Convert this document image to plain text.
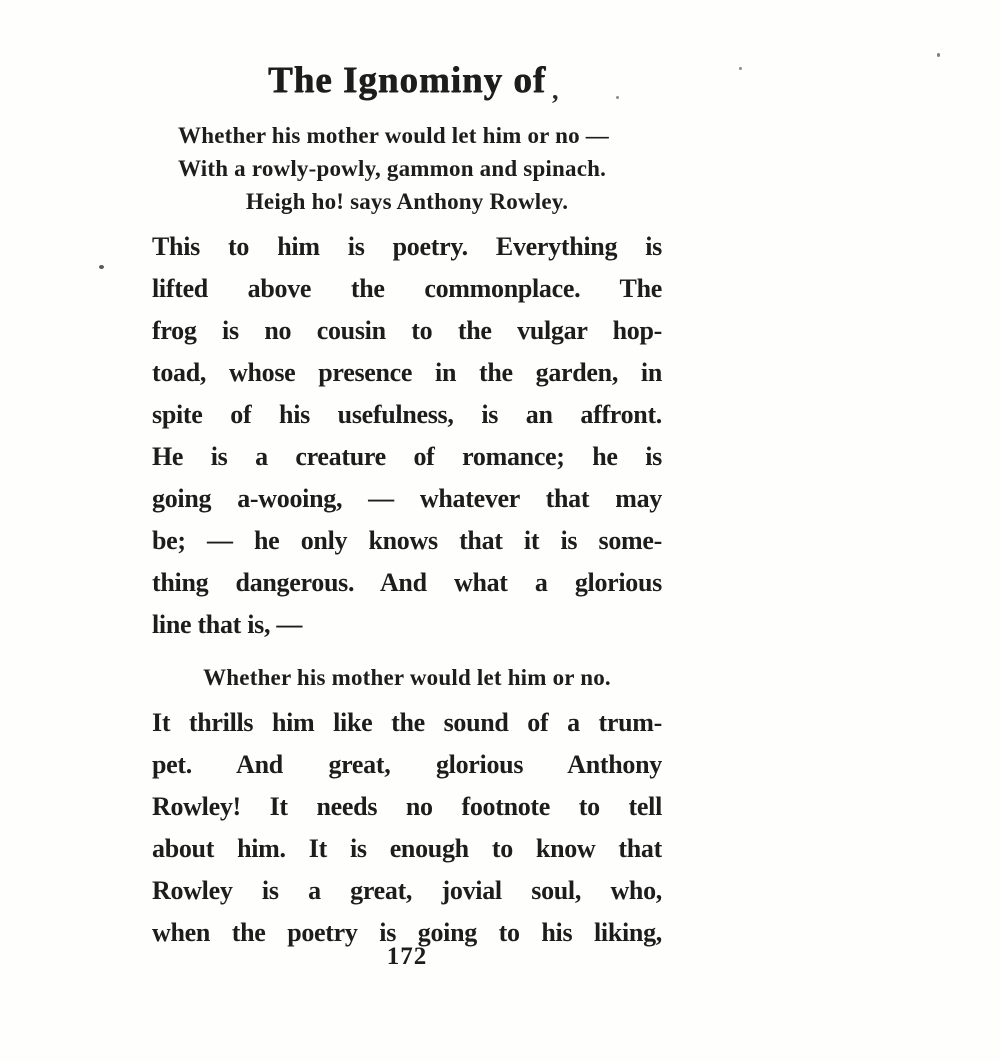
The Ignominy of ,
Whether his mother would let him or no —
With a rowly-powly, gammon and spinach.
Heigh ho! says Anthony Rowley.
This to him is poetry. Everything is
lifted above the commonplace. The
frog is no cousin to the vulgar hop-
toad, whose presence in the garden, in
spite of his usefulness, is an affront.
He is a creature of romance; he is
going a-wooing, — whatever that may
be; — he only knows that it is some-
thing dangerous. And what a glorious
line that is, —
Whether his mother would let him or no.
It thrills him like the sound of a trum-
pet. And great, glorious Anthony
Rowley! It needs no footnote to tell
about him. It is enough to know that
Rowley is a great, jovial soul, who,
when the poetry is going to his liking,
172
